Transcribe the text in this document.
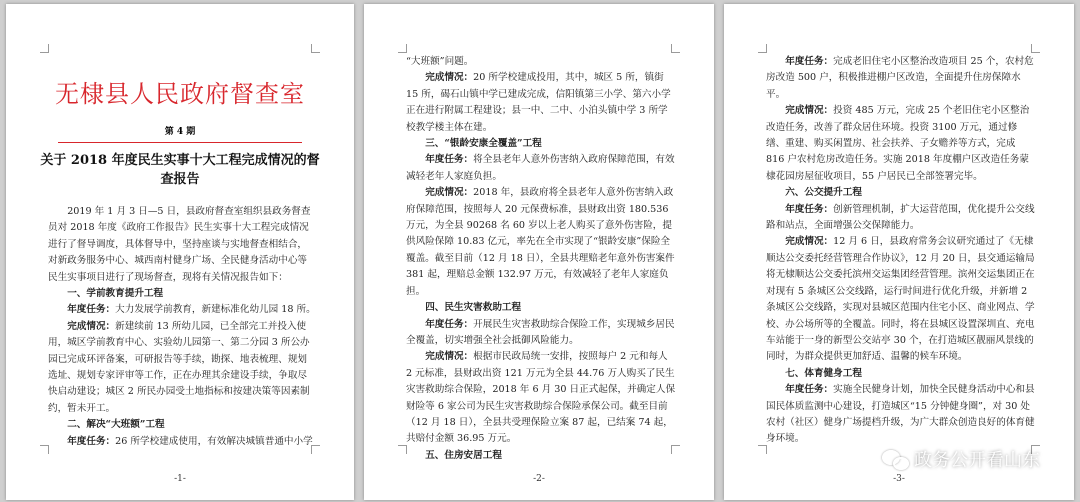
无棣县人民政府督查室
第 4 期
关于 2018 年度民生实事十大工程完成情况的督查报告

2019 年 1 月 3 日—5 日，县政府督查室组织县政务督查员对 2018 年度《政府工作报告》民生实事十大工程完成情况进行了督导调度，具体督导中，坚持座谈与实地督查相结合，对新政务服务中心、城西南村健身广场、全民健身活动中心等民生实事项目进行了现场督查，现将有关情况报告如下：

一、学前教育提升工程

年度任务：大力发展学前教育，新建标准化幼儿园 18 所。

完成情况：新建续前 13 所幼儿园，已全部完工并投入使用，城区学前教育中心、实验幼儿园第一、第二分园 3 所公办园已完成环评备案，可研报告等手续，勘探、地表梳理、规划选址、规划专家评审等工作，正在办理其余建设手续，争取尽快启动建设；城区 2 所民办园受土地指标和按建决策等因素制约，暂未开工。

二、解决“大班额”工程

年度任务：26 所学校建成使用，有效解决城镇普通中小学

-1-

“大班额”问题。

完成情况：20 所学校建成投用，其中，城区 5 所，镇街 15 所，碣石山镇中学已建成完成，信阳镇第三小学、第六小学正在进行附属工程建设；县一中、二中、小泊头镇中学 3 所学校教学楼主体在建。

三、“银龄安康全覆盖”工程

年度任务：将全县老年人意外伤害纳入政府保障范围，有效减轻老年人家庭负担。

完成情况：2018 年，县政府将全县老年人意外伤害纳入政府保障范围，按照每人 20 元保费标准，县财政出资 180.536 万元，为全县 90268 名 60 岁以上老人购买了意外伤害险，提供风险保障 10.83 亿元，率先在全市实现了“银龄安康”保险全覆盖。截至目前（12 月 18 日），全县共理赔老年意外伤害案件 381 起，理赔总金额 132.97 万元，有效减轻了老年人家庭负担。

四、民生灾害救助工程

年度任务：开展民生灾害救助综合保险工作，实现城乡居民全覆盖，切实增强全社会抵御风险能力。

完成情况：根据市民政局统一安排，按照每户 2 元和每人 2 元标准，县财政出资 121 万元为全县 44.76 万人购买了民生灾害救助综合保险，2018 年 6 月 30 日正式起保，并确定人保财险等 6 家公司为民生灾害救助综合保险承保公司。截至目前（12 月 18 日），全县共受理保险立案 87 起，已结案 74 起，共赔付金额 36.95 万元。

五、住房安居工程

-2-

年度任务：完成老旧住宅小区整治改造项目 25 个，农村危房改造 500 户，积极推进棚户区改造，全面提升住房保障水平。

完成情况：投资 485 万元，完成 25 个老旧住宅小区整治改造任务，改善了群众居住环境。投资 3100 万元，通过修缮、重建、购买闲置房、社会扶养、子女赡养等方式，完成 816 户农村危房改造任务。实施 2018 年度棚户区改造任务蒙棣花园房屋征收项目，55 户居民已全部签署完毕。

六、公交提升工程

年度任务：创新管理机制，扩大运营范围，优化提升公交线路和站点，全面增强公交保障能力。

完成情况：12 月 6 日，县政府常务会议研究通过了《无棣顺达公交委托经营管理合作协议》，12 月 20 日，县交通运输局将无棣顺达公交委托滨州交运集团经营管理。滨州交运集团正在对现有 5 条城区公交线路，运行时间进行优化升级，并新增 2 条城区公交线路，实现对县城区范围内住宅小区、商业网点、学校、办公场所等的全覆盖。同时，将在县城区设置深圳直、充电车站能于一身的新型公交站亭 30 个，在打造城区靓丽风景线的同时，为群众提供更加舒适、温馨的候车环境。

七、体育健身工程

年度任务：实施全民健身计划，加快全民健身活动中心和县国民体质监测中心建设，打造城区“15 分钟健身圈”，对 30 处农村（社区）健身广场提档升级，为广大群众创造良好的体育健身环境。

-3-
政务公开看山东
